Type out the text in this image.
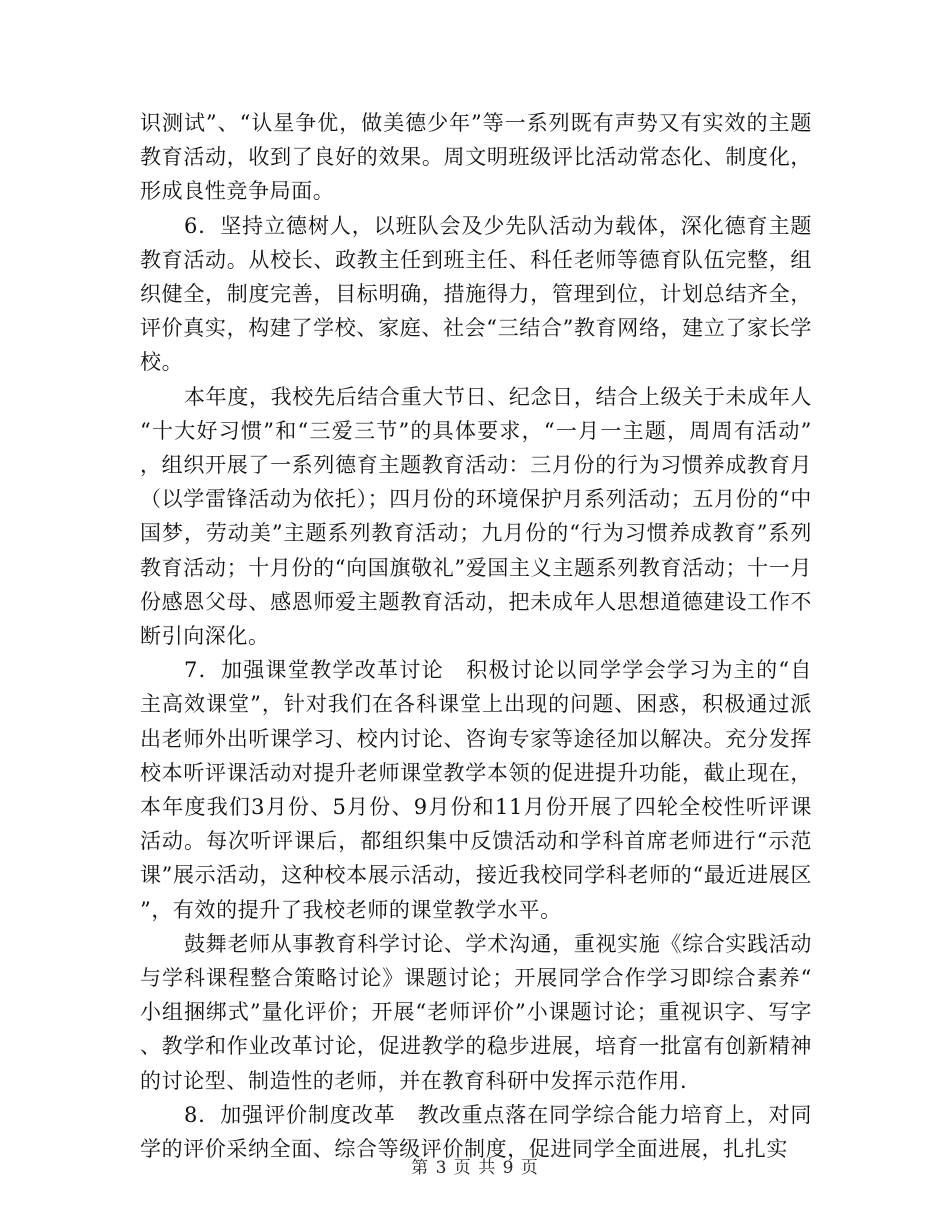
识测试”、“认星争优，做美德少年”等一系列既有声势又有实效的主题教育活动，收到了良好的效果。周文明班级评比活动常态化、制度化，形成良性竞争局面。

6．坚持立德树人，以班队会及少先队活动为载体，深化德育主题教育活动。从校长、政教主任到班主任、科任老师等德育队伍完整，组织健全，制度完善，目标明确，措施得力，管理到位，计划总结齐全，评价真实，构建了学校、家庭、社会“三结合”教育网络，建立了家长学校。

本年度，我校先后结合重大节日、纪念日，结合上级关于未成年人“十大好习惯”和“三爱三节”的具体要求，“一月一主题，周周有活动”，组织开展了一系列德育主题教育活动：三月份的行为习惯养成教育月（以学雷锋活动为依托）；四月份的环境保护月系列活动；五月份的“中国梦，劳动美”主题系列教育活动；九月份的“行为习惯养成教育”系列教育活动；十月份的“向国旗敬礼”爱国主义主题系列教育活动；十一月份感恩父母、感恩师爱主题教育活动，把未成年人思想道德建设工作不断引向深化。

7．加强课堂教学改革讨论　积极讨论以同学学会学习为主的“自主高效课堂”，针对我们在各科课堂上出现的问题、困惑，积极通过派出老师外出听课学习、校内讨论、咨询专家等途径加以解决。充分发挥校本听评课活动对提升老师课堂教学本领的促进提升功能，截止现在，本年度我们3月份、5月份、9月份和11月份开展了四轮全校性听评课活动。每次听评课后，都组织集中反馈活动和学科首席老师进行“示范课”展示活动，这种校本展示活动，接近我校同学科老师的“最近进展区”，有效的提升了我校老师的课堂教学水平。

鼓舞老师从事教育科学讨论、学术沟通，重视实施《综合实践活动与学科课程整合策略讨论》课题讨论；开展同学合作学习即综合素养“小组捆绑式”量化评价；开展“老师评价”小课题讨论；重视识字、写字、教学和作业改革讨论，促进教学的稳步进展，培育一批富有创新精神的讨论型、制造性的老师，并在教育科研中发挥示范作用.

8．加强评价制度改革　教改重点落在同学综合能力培育上，对同学的评价采纳全面、综合等级评价制度，促进同学全面进展，扎扎实

第 3 页 共 9 页
